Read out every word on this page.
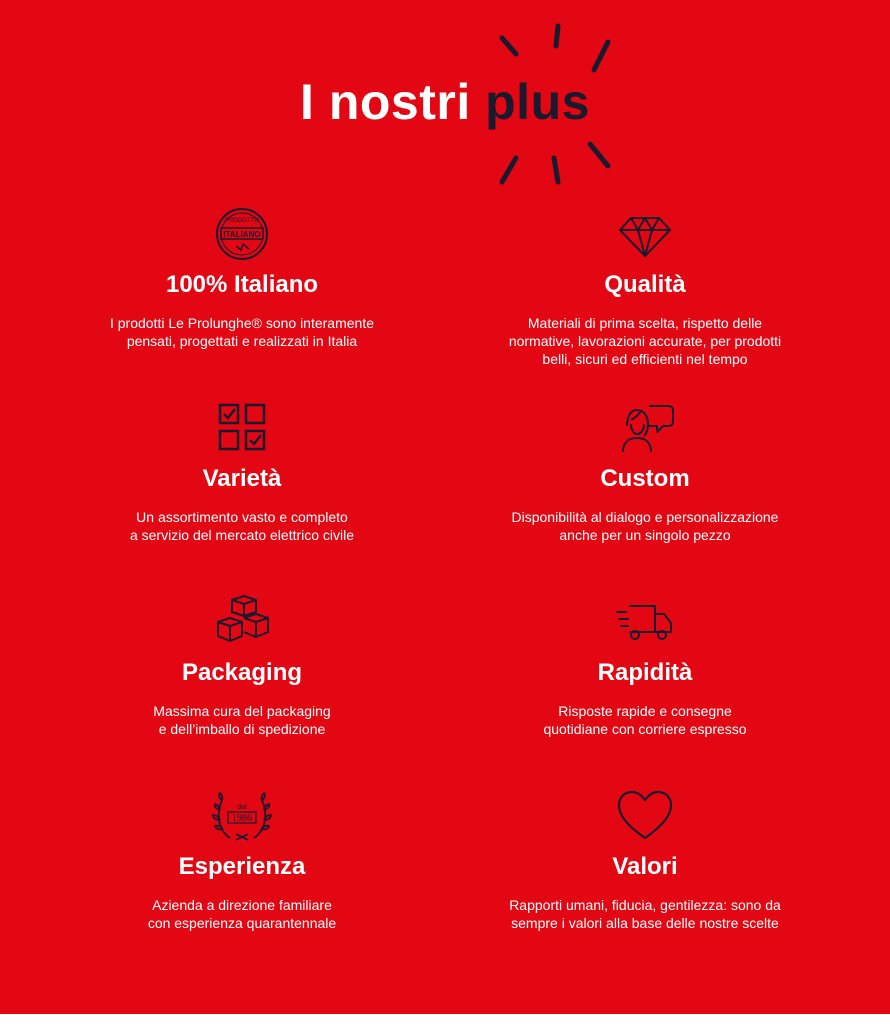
I nostri plus
PRODOTTO
ITALIANO
100% Italiano
I prodotti Le Prolunghe® sono interamente
pensati, progettati e realizzati in Italia
Qualità
Materiali di prima scelta, rispetto delle
normative, lavorazioni accurate, per prodotti
belli, sicuri ed efficienti nel tempo
Varietà
Un assortimento vasto e completo
a servizio del mercato elettrico civile
Custom
Disponibilità al dialogo e personalizzazione
anche per un singolo pezzo
Packaging
Massima cura del packaging
e dell’imballo di spedizione
Rapidità
Risposte rapide e consegne
quotidiane con corriere espresso
dal
1986
Esperienza
Azienda a direzione familiare
con esperienza quarantennale
Valori
Rapporti umani, fiducia, gentilezza: sono da
sempre i valori alla base delle nostre scelte
